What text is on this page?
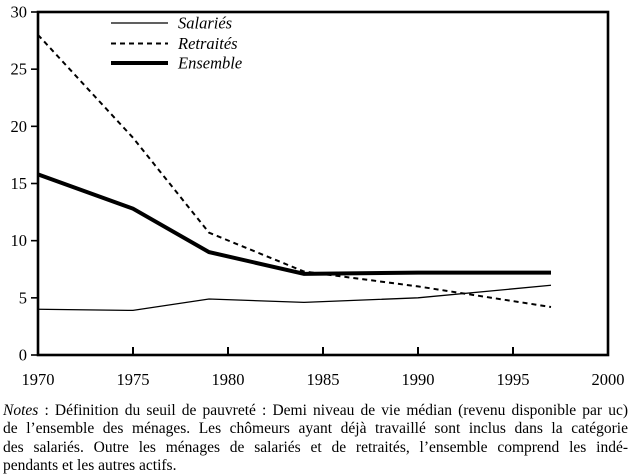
Salariés
Retraités
Ensemble
0
5
10
15
20
25
30
1970	1975	1980	1985	1990	1995	2000
Notes : Définition du seuil de pauvreté : Demi niveau de vie médian (revenu disponible par uc)
de l’ensemble des ménages. Les chômeurs ayant déjà travaillé sont inclus dans la catégorie
des salariés. Outre les ménages de salariés et de retraités, l’ensemble comprend les indé-
pendants et les autres actifs.
